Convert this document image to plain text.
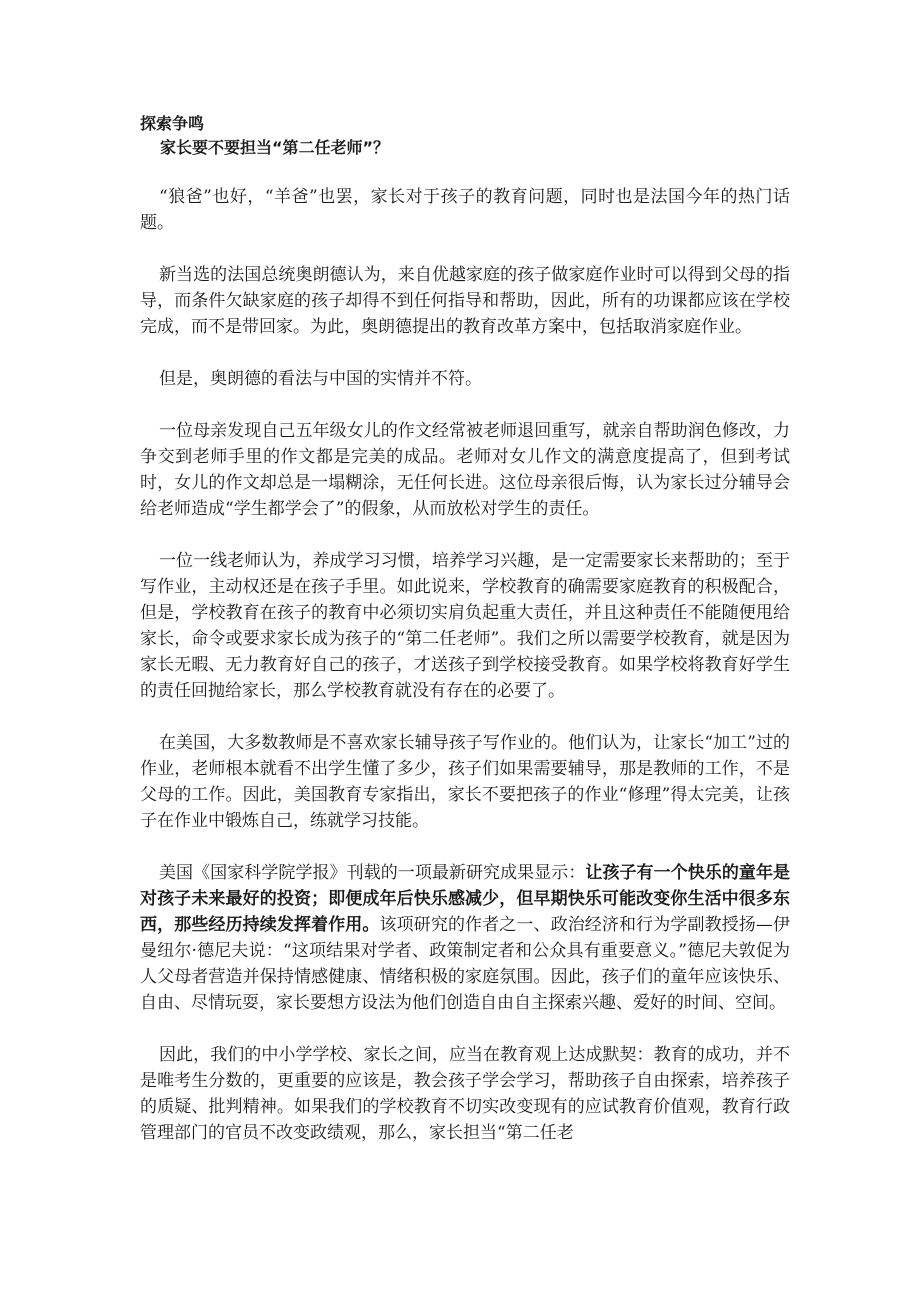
探索争鸣
家长要不要担当“第二任老师”？

“狼爸”也好，“羊爸”也罢，家长对于孩子的教育问题，同时也是法国今年的热门话题。

新当选的法国总统奥朗德认为，来自优越家庭的孩子做家庭作业时可以得到父母的指导，而条件欠缺家庭的孩子却得不到任何指导和帮助，因此，所有的功课都应该在学校完成，而不是带回家。为此，奥朗德提出的教育改革方案中，包括取消家庭作业。

但是，奥朗德的看法与中国的实情并不符。

一位母亲发现自己五年级女儿的作文经常被老师退回重写，就亲自帮助润色修改，力争交到老师手里的作文都是完美的成品。老师对女儿作文的满意度提高了，但到考试时，女儿的作文却总是一塌糊涂，无任何长进。这位母亲很后悔，认为家长过分辅导会给老师造成“学生都学会了”的假象，从而放松对学生的责任。

一位一线老师认为，养成学习习惯，培养学习兴趣，是一定需要家长来帮助的；至于写作业，主动权还是在孩子手里。如此说来，学校教育的确需要家庭教育的积极配合，但是，学校教育在孩子的教育中必须切实肩负起重大责任，并且这种责任不能随便甩给家长，命令或要求家长成为孩子的“第二任老师”。我们之所以需要学校教育，就是因为家长无暇、无力教育好自己的孩子，才送孩子到学校接受教育。如果学校将教育好学生的责任回抛给家长，那么学校教育就没有存在的必要了。

在美国，大多数教师是不喜欢家长辅导孩子写作业的。他们认为，让家长“加工”过的作业，老师根本就看不出学生懂了多少，孩子们如果需要辅导，那是教师的工作，不是父母的工作。因此，美国教育专家指出，家长不要把孩子的作业“修理”得太完美，让孩子在作业中锻炼自己，练就学习技能。

美国《国家科学院学报》刊载的一项最新研究成果显示：让孩子有一个快乐的童年是对孩子未来最好的投资；即便成年后快乐感减少，但早期快乐可能改变你生活中很多东西，那些经历持续发挥着作用。该项研究的作者之一、政治经济和行为学副教授扬—伊曼纽尔·德尼夫说：“这项结果对学者、政策制定者和公众具有重要意义。”德尼夫敦促为人父母者营造并保持情感健康、情绪积极的家庭氛围。因此，孩子们的童年应该快乐、自由、尽情玩耍，家长要想方设法为他们创造自由自主探索兴趣、爱好的时间、空间。

因此，我们的中小学学校、家长之间，应当在教育观上达成默契：教育的成功，并不是唯考生分数的，更重要的应该是，教会孩子学会学习，帮助孩子自由探索，培养孩子的质疑、批判精神。如果我们的学校教育不切实改变现有的应试教育价值观，教育行政管理部门的官员不改变政绩观，那么，家长担当“第二任老
